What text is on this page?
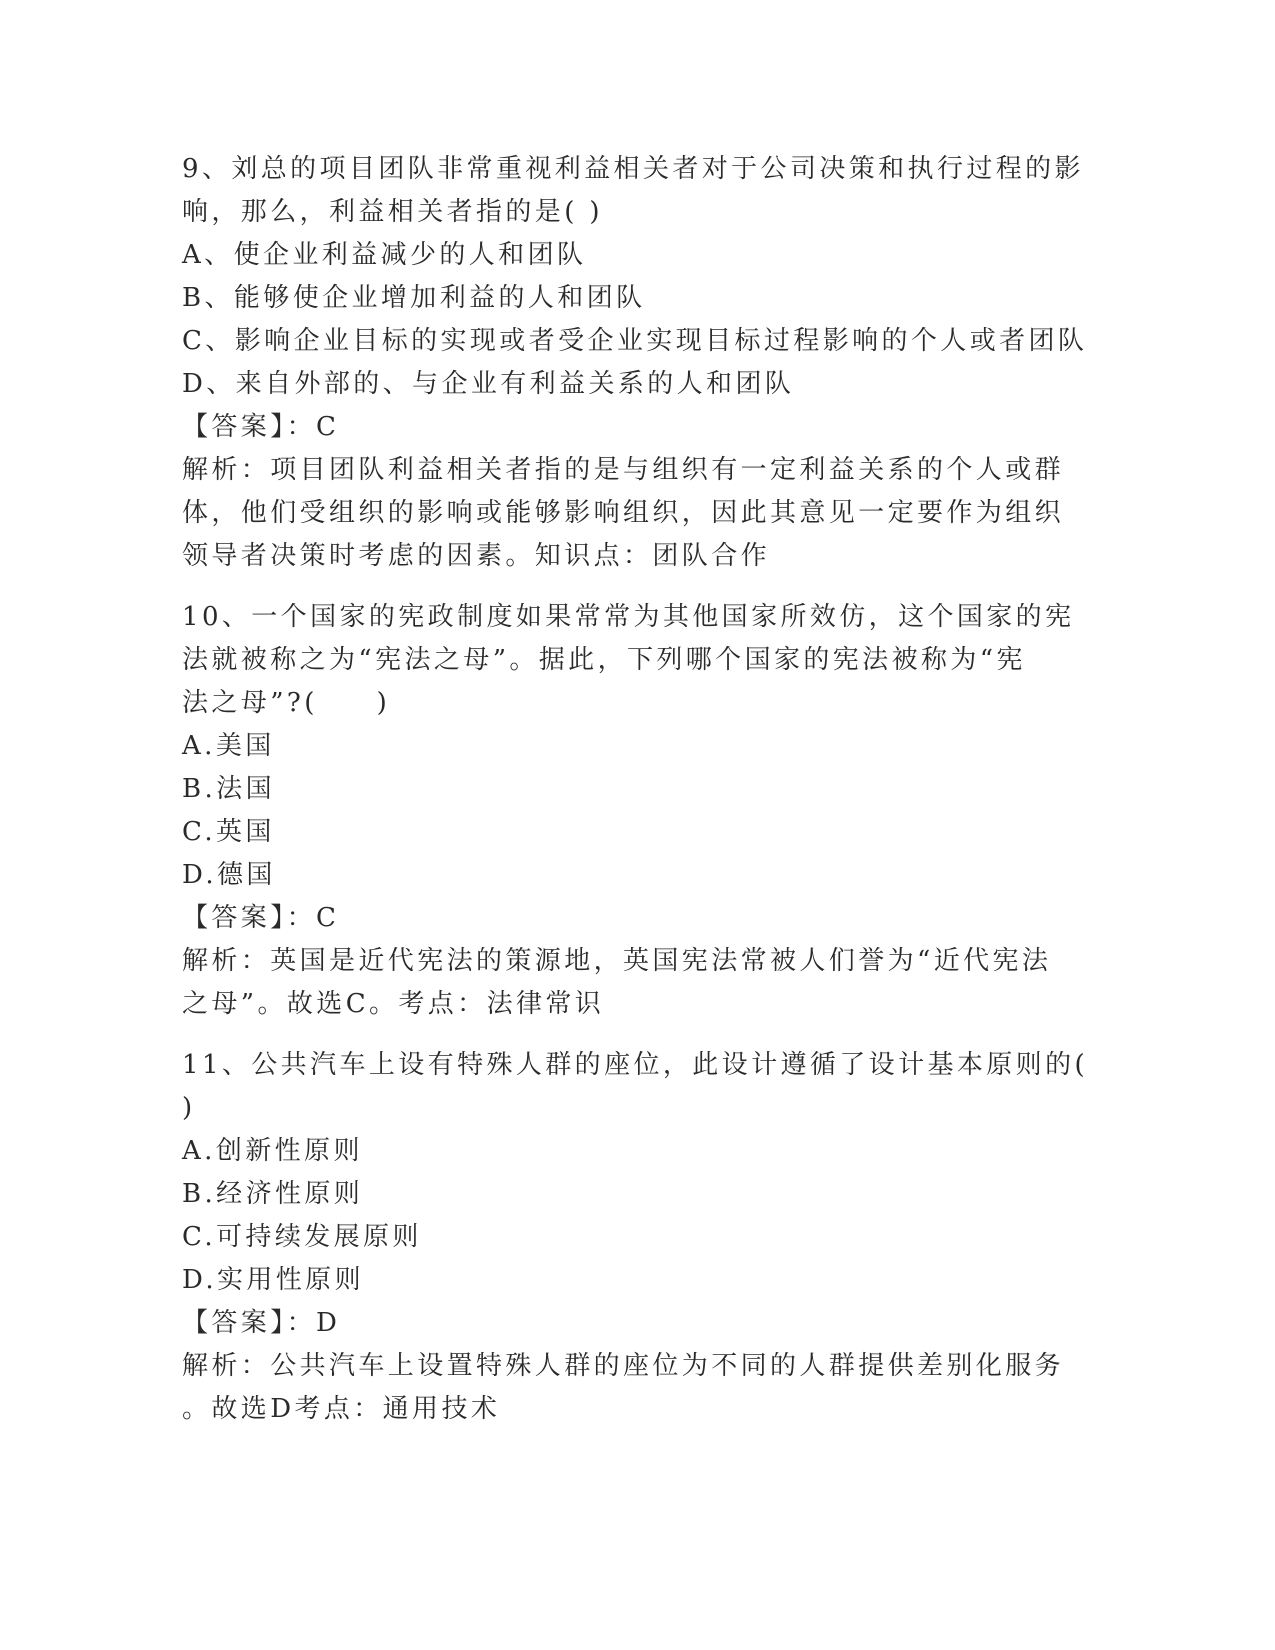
9、刘总的项目团队非常重视利益相关者对于公司决策和执行过程的影

响，那么，利益相关者指的是( )

A、使企业利益减少的人和团队

B、能够使企业增加利益的人和团队

C、影响企业目标的实现或者受企业实现目标过程影响的个人或者团队

D、来自外部的、与企业有利益关系的人和团队

【答案】：C

解析：项目团队利益相关者指的是与组织有一定利益关系的个人或群

体，他们受组织的影响或能够影响组织，因此其意见一定要作为组织

领导者决策时考虑的因素。知识点：团队合作

10、一个国家的宪政制度如果常常为其他国家所效仿，这个国家的宪

法就被称之为“宪法之母”。据此，下列哪个国家的宪法被称为“宪

法之母”?(　　)

A.美国

B.法国

C.英国

D.德国

【答案】：C

解析：英国是近代宪法的策源地，英国宪法常被人们誉为“近代宪法

之母”。故选C。考点：法律常识

11、公共汽车上设有特殊人群的座位，此设计遵循了设计基本原则的(

)

A.创新性原则

B.经济性原则

C.可持续发展原则

D.实用性原则

【答案】：D

解析：公共汽车上设置特殊人群的座位为不同的人群提供差别化服务

。故选D考点：通用技术
